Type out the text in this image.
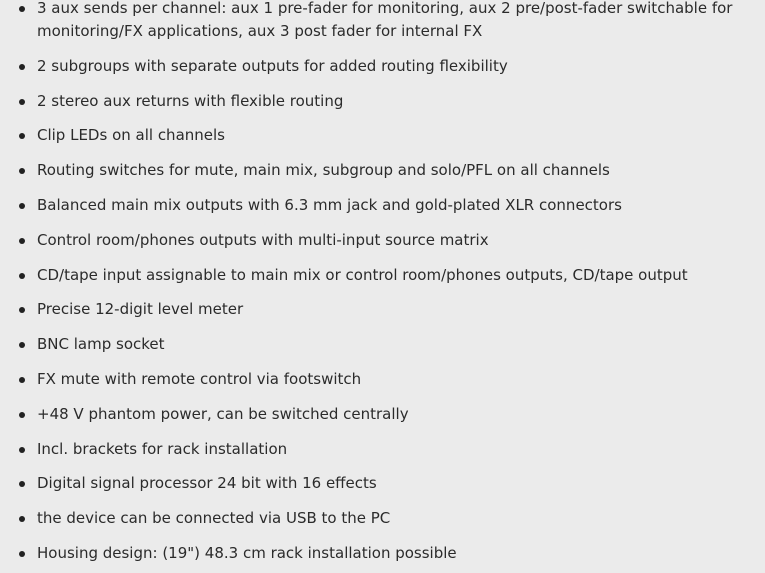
3 aux sends per channel: aux 1 pre-fader for monitoring, aux 2 pre/post-fader switchable for monitoring/FX applications, aux 3 post fader for internal FX
2 subgroups with separate outputs for added routing flexibility
2 stereo aux returns with flexible routing
Clip LEDs on all channels
Routing switches for mute, main mix, subgroup and solo/PFL on all channels
Balanced main mix outputs with 6.3 mm jack and gold-plated XLR connectors
Control room/phones outputs with multi-input source matrix
CD/tape input assignable to main mix or control room/phones outputs, CD/tape output
Precise 12-digit level meter
BNC lamp socket
FX mute with remote control via footswitch
+48 V phantom power, can be switched centrally
Incl. brackets for rack installation
Digital signal processor 24 bit with 16 effects
the device can be connected via USB to the PC
Housing design: (19") 48.3 cm rack installation possible
